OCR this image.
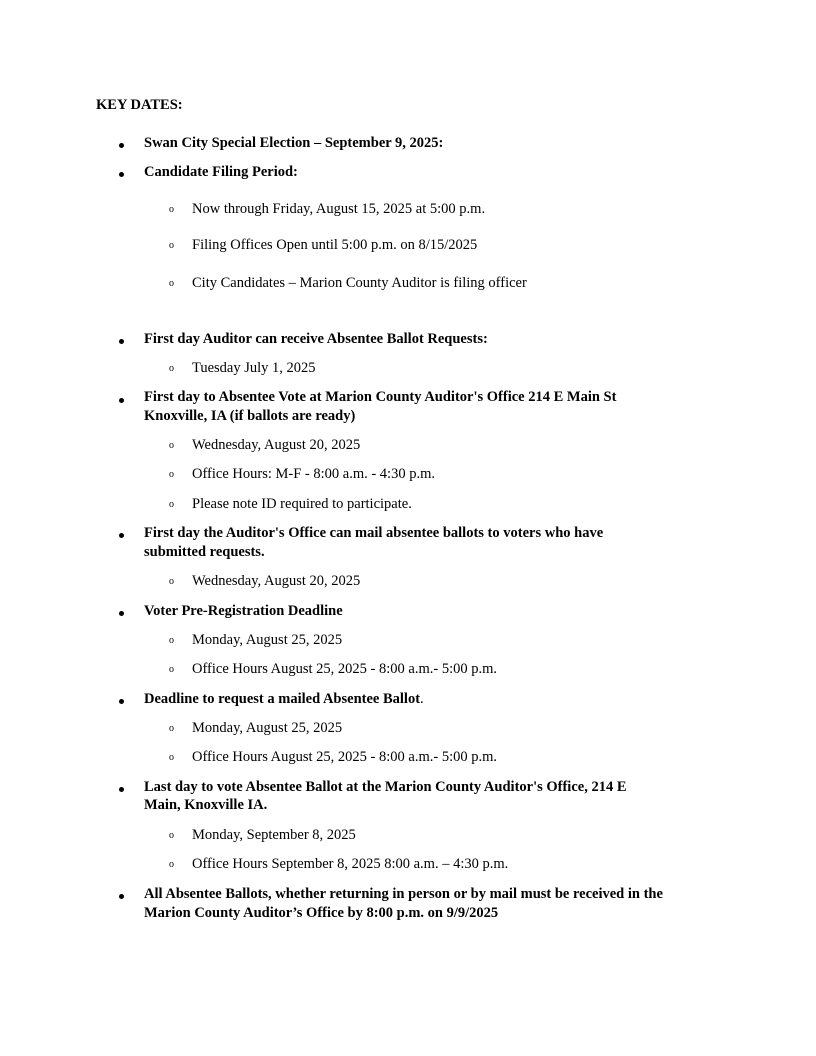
KEY DATES:
Swan City Special Election – September 9, 2025:
Candidate Filing Period:
o Now through Friday, August 15, 2025 at 5:00 p.m.
o Filing Offices Open until 5:00 p.m. on 8/15/2025
o City Candidates – Marion County Auditor is filing officer
First day Auditor can receive Absentee Ballot Requests:
o Tuesday July 1, 2025
First day to Absentee Vote at Marion County Auditor's Office 214 E Main St
Knoxville, IA (if ballots are ready)
o Wednesday, August 20, 2025
o Office Hours: M-F - 8:00 a.m. - 4:30 p.m.
o Please note ID required to participate.
First day the Auditor's Office can mail absentee ballots to voters who have
submitted requests.
o Wednesday, August 20, 2025
Voter Pre-Registration Deadline
o Monday, August 25, 2025
o Office Hours August 25, 2025 - 8:00 a.m.- 5:00 p.m.
Deadline to request a mailed Absentee Ballot.
o Monday, August 25, 2025
o Office Hours August 25, 2025 - 8:00 a.m.- 5:00 p.m.
Last day to vote Absentee Ballot at the Marion County Auditor's Office, 214 E
Main, Knoxville IA.
o Monday, September 8, 2025
o Office Hours September 8, 2025 8:00 a.m. – 4:30 p.m.
All Absentee Ballots, whether returning in person or by mail must be received in the
Marion County Auditor’s Office by 8:00 p.m. on 9/9/2025
